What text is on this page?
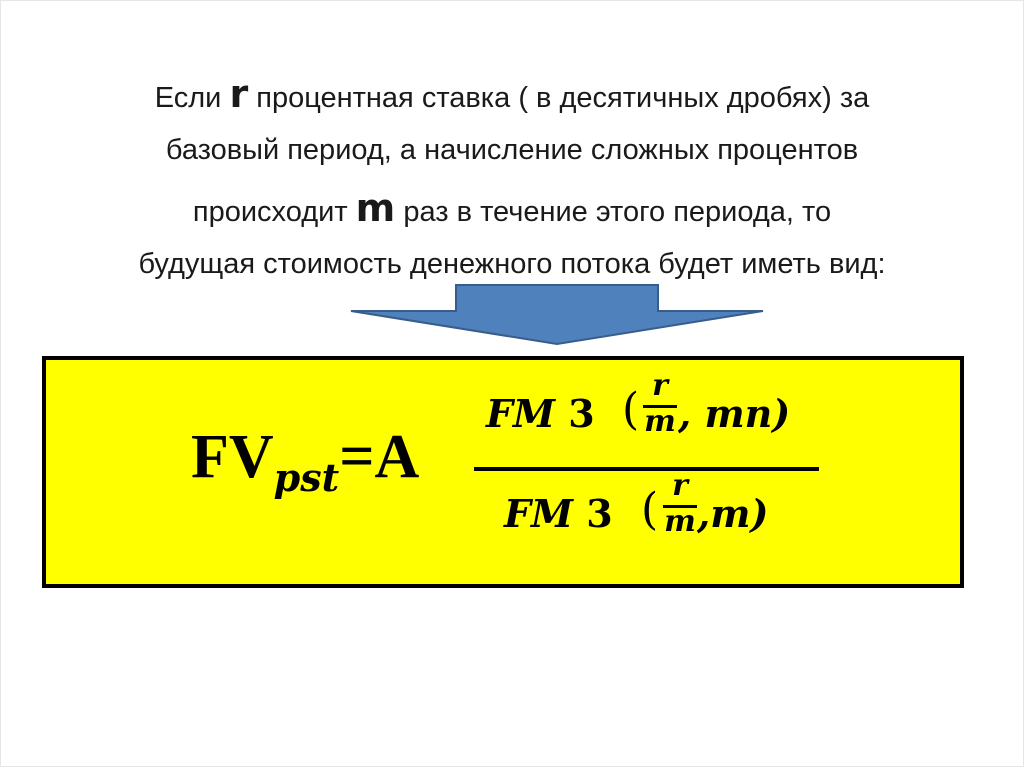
Если r процентная ставка ( в десятичных дробях) за
базовый период, а начисление сложных процентов
происходит m раз в течение этого периода, то
будущая стоимость денежного потока будет иметь вид:
$FV_{pst}=A$
FM 3 ( r
m , mn)
FM 3 ( r
m ,m)
